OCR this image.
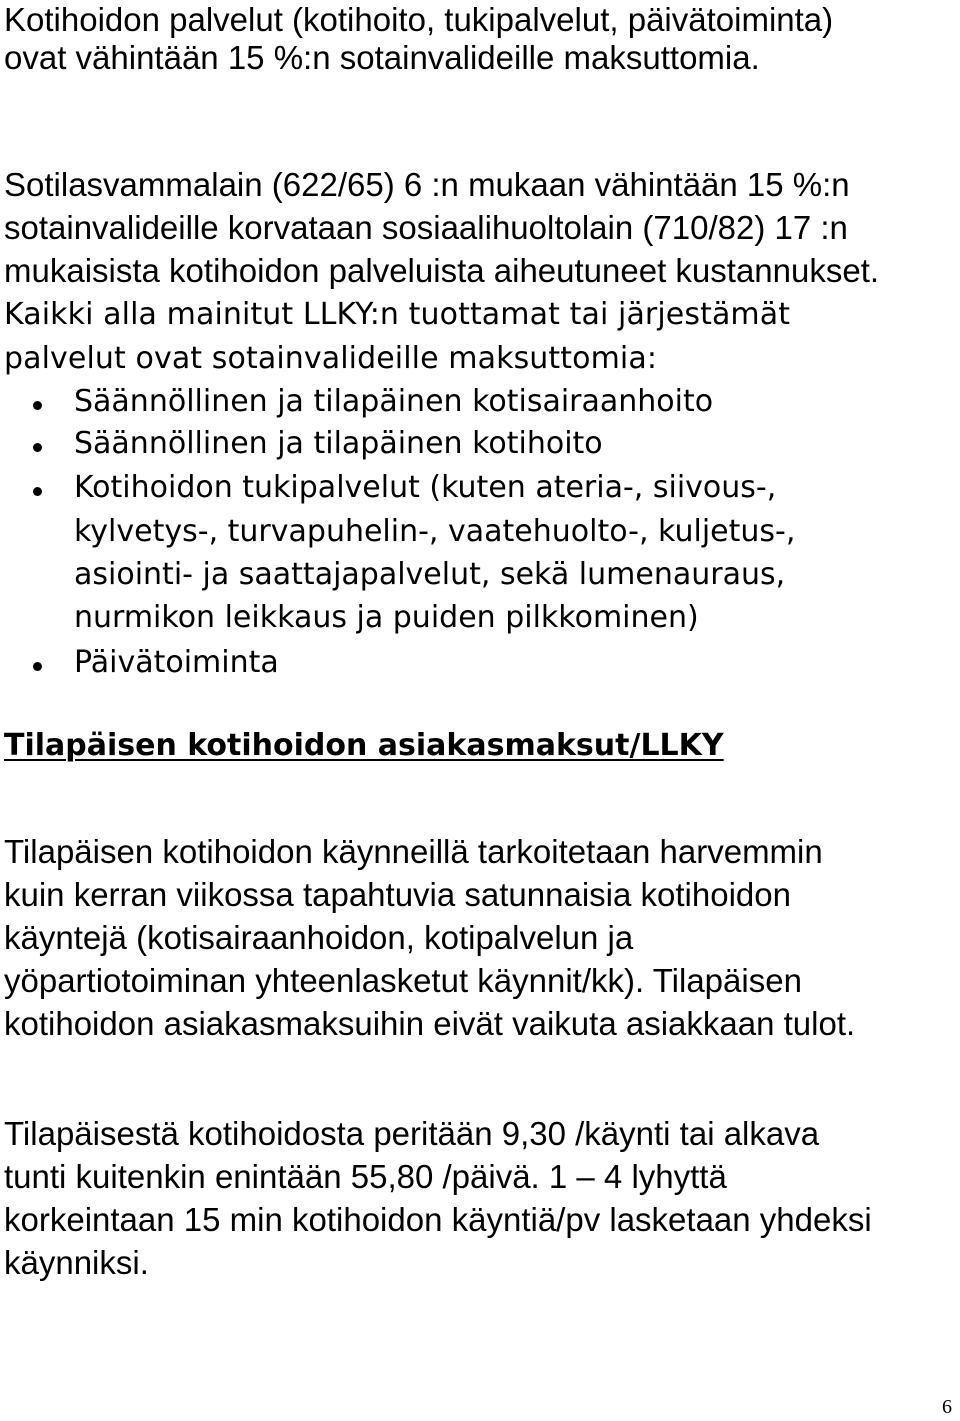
Kotihoidon palvelut (kotihoito, tukipalvelut, päivätoiminta)
ovat vähintään 15 %:n sotainvalideille maksuttomia.
Sotilasvammalain (622/65) 6 :n mukaan vähintään 15 %:n
sotainvalideille korvataan sosiaalihuoltolain (710/82) 17 :n
mukaisista kotihoidon palveluista aiheutuneet kustannukset.
Kaikki alla mainitut LLKY:n tuottamat tai järjestämät
palvelut ovat sotainvalideille maksuttomia:
Säännöllinen ja tilapäinen kotisairaanhoito
Säännöllinen ja tilapäinen kotihoito
Kotihoidon tukipalvelut (kuten ateria-, siivous-,
kylvetys-, turvapuhelin-, vaatehuolto-, kuljetus-,
asiointi- ja saattajapalvelut, sekä lumenauraus,
nurmikon leikkaus ja puiden pilkkominen)
Päivätoiminta
Tilapäisen kotihoidon asiakasmaksut/LLKY
Tilapäisen kotihoidon käynneillä tarkoitetaan harvemmin
kuin kerran viikossa tapahtuvia satunnaisia kotihoidon
käyntejä (kotisairaanhoidon, kotipalvelun ja
yöpartiotoiminan yhteenlasketut käynnit/kk). Tilapäisen
kotihoidon asiakasmaksuihin eivät vaikuta asiakkaan tulot.
Tilapäisestä kotihoidosta peritään 9,30 /käynti tai alkava
tunti kuitenkin enintään 55,80 /päivä. 1 – 4 lyhyttä
korkeintaan 15 min kotihoidon käyntiä/pv lasketaan yhdeksi
käynniksi.
6
